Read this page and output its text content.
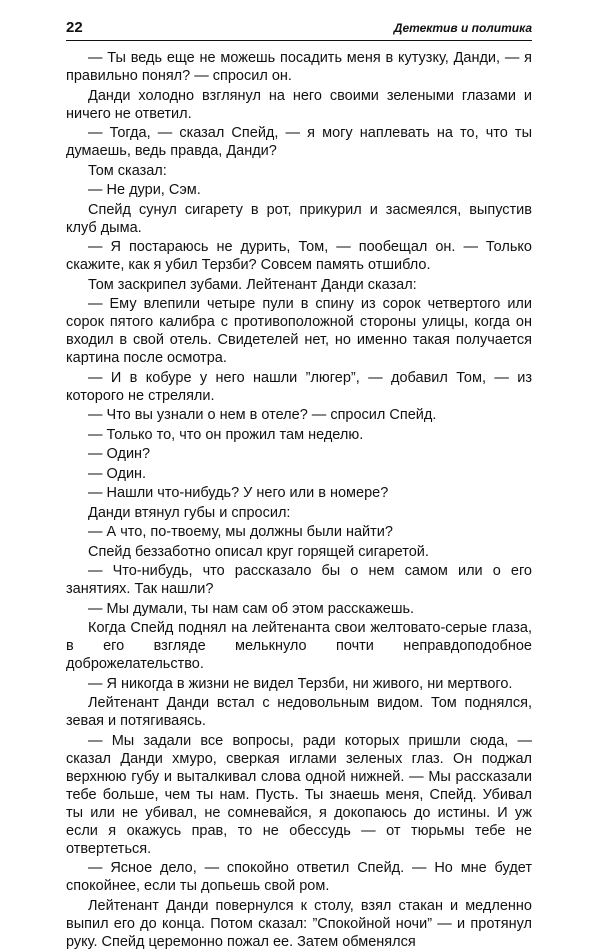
22	Детектив и политика

— Ты ведь еще не можешь посадить меня в кутузку, Данди, — я правильно понял? — спросил он.

Данди холодно взглянул на него своими зелеными глазами и ничего не ответил.

— Тогда, — сказал Спейд, — я могу наплевать на то, что ты думаешь, ведь правда, Данди?

Том сказал:

— Не дури, Сэм.

Спейд сунул сигарету в рот, прикурил и засмеялся, выпустив клуб дыма.

— Я постараюсь не дурить, Том, — пообещал он. — Только скажите, как я убил Терзби? Совсем память отшибло.

Том заскрипел зубами. Лейтенант Данди сказал:

— Ему влепили четыре пули в спину из сорок четвертого или сорок пятого калибра с противоположной стороны улицы, когда он входил в свой отель. Свидетелей нет, но именно такая получается картина после осмотра.

— И в кобуре у него нашли ”люгер”, — добавил Том, — из которого не стреляли.

— Что вы узнали о нем в отеле? — спросил Спейд.

— Только то, что он прожил там неделю.

— Один?

— Один.

— Нашли что-нибудь? У него или в номере?

Данди втянул губы и спросил:

— А что, по-твоему, мы должны были найти?

Спейд беззаботно описал круг горящей сигаретой.

— Что-нибудь, что рассказало бы о нем самом или о его занятиях. Так нашли?

— Мы думали, ты нам сам об этом расскажешь.

Когда Спейд поднял на лейтенанта свои желтовато-серые глаза, в его взгляде мелькнуло почти неправдоподобное доброжелательство.

— Я никогда в жизни не видел Терзби, ни живого, ни мертвого.

Лейтенант Данди встал с недовольным видом. Том поднялся, зевая и потягиваясь.

— Мы задали все вопросы, ради которых пришли сюда, — сказал Данди хмуро, сверкая иглами зеленых глаз. Он поджал верхнюю губу и выталкивал слова одной нижней. — Мы рассказали тебе больше, чем ты нам. Пусть. Ты знаешь меня, Спейд. Убивал ты или не убивал, не сомневайся, я докопаюсь до истины. И уж если я окажусь прав, то не обессудь — от тюрьмы тебе не отвертеться.

— Ясное дело, — спокойно ответил Спейд. — Но мне будет спокойнее, если ты допьешь свой ром.

Лейтенант Данди повернулся к столу, взял стакан и медленно выпил его до конца. Потом сказал: ”Спокойной ночи” — и протянул руку. Спейд церемонно пожал ее. Затем обменялся
